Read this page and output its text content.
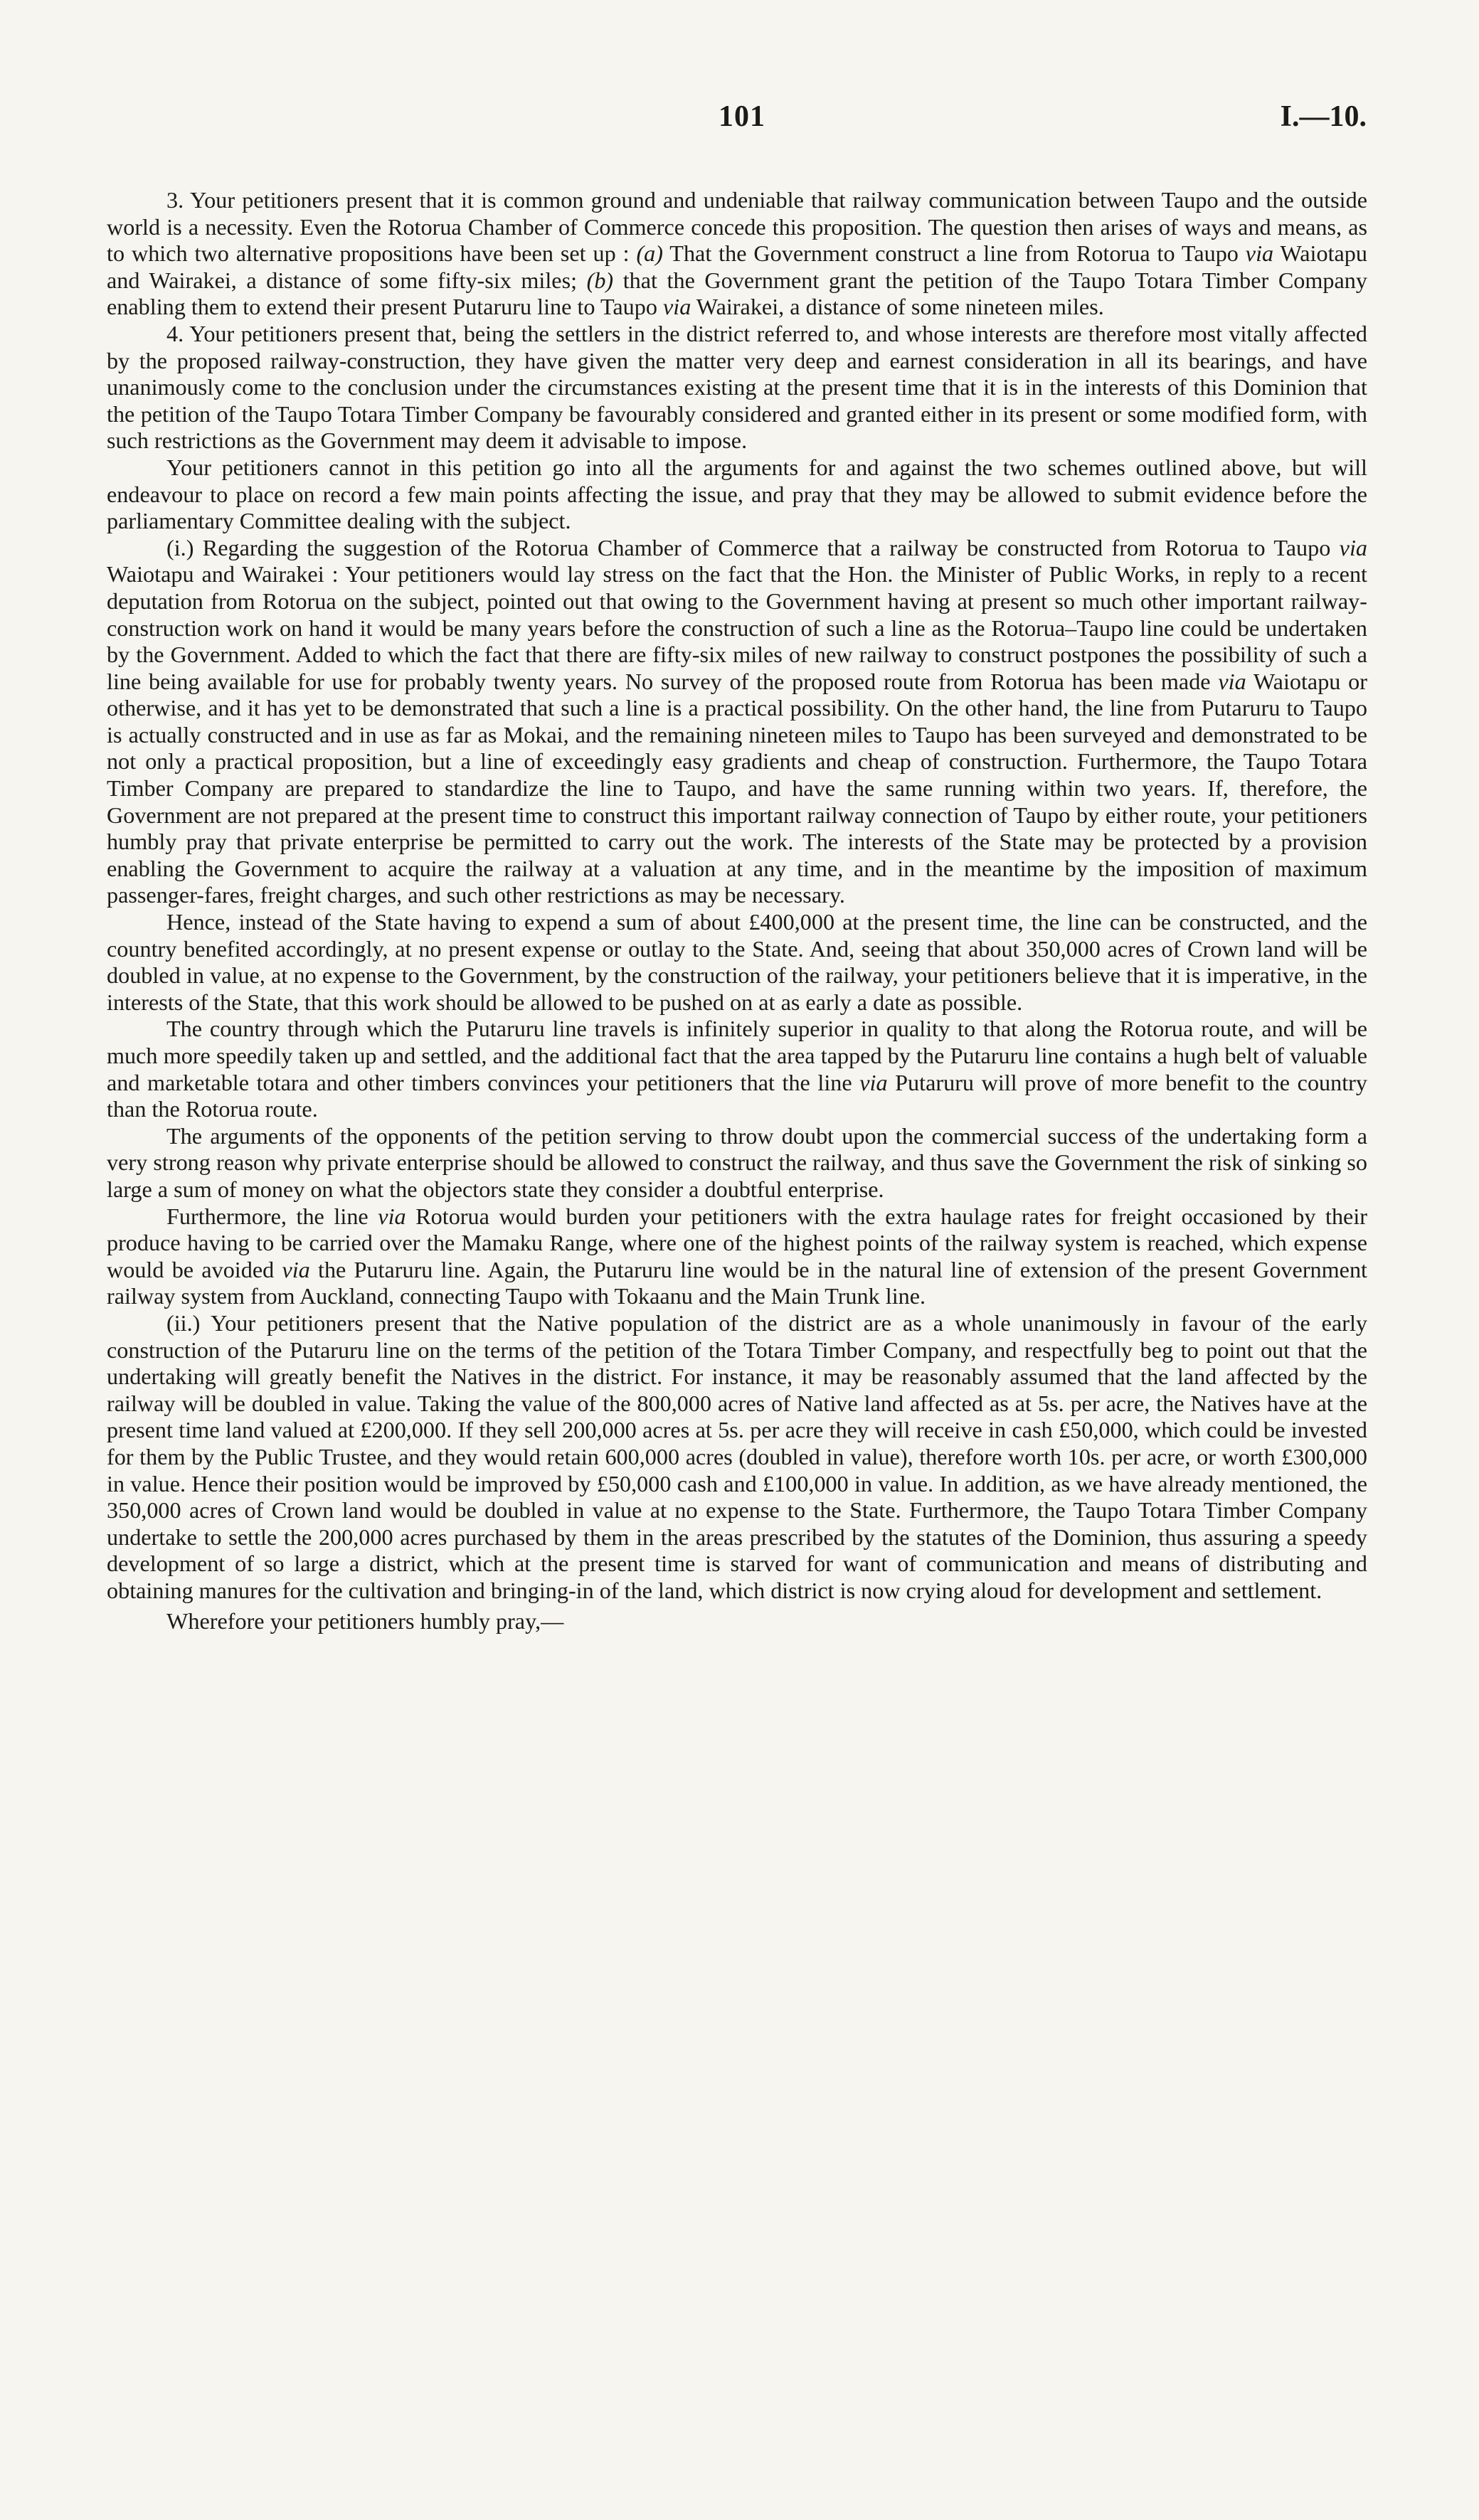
101	I.—10.

3. Your petitioners present that it is common ground and undeniable that railway communication between Taupo and the outside world is a necessity. Even the Rotorua Chamber of Commerce concede this proposition. The question then arises of ways and means, as to which two alternative propositions have been set up : (a) That the Government construct a line from Rotorua to Taupo via Waiotapu and Wairakei, a distance of some fifty-six miles; (b) that the Government grant the petition of the Taupo Totara Timber Company enabling them to extend their present Putaruru line to Taupo via Wairakei, a distance of some nineteen miles.

4. Your petitioners present that, being the settlers in the district referred to, and whose interests are therefore most vitally affected by the proposed railway-construction, they have given the matter very deep and earnest consideration in all its bearings, and have unanimously come to the conclusion under the circumstances existing at the present time that it is in the interests of this Dominion that the petition of the Taupo Totara Timber Company be favourably considered and granted either in its present or some modified form, with such restrictions as the Government may deem it advisable to impose.

Your petitioners cannot in this petition go into all the arguments for and against the two schemes outlined above, but will endeavour to place on record a few main points affecting the issue, and pray that they may be allowed to submit evidence before the parliamentary Committee dealing with the subject.

(i.) Regarding the suggestion of the Rotorua Chamber of Commerce that a railway be constructed from Rotorua to Taupo via Waiotapu and Wairakei : Your petitioners would lay stress on the fact that the Hon. the Minister of Public Works, in reply to a recent deputation from Rotorua on the subject, pointed out that owing to the Government having at present so much other important railway-construction work on hand it would be many years before the construction of such a line as the Rotorua–Taupo line could be undertaken by the Government. Added to which the fact that there are fifty-six miles of new railway to construct postpones the possibility of such a line being available for use for probably twenty years. No survey of the proposed route from Rotorua has been made via Waiotapu or otherwise, and it has yet to be demonstrated that such a line is a practical possibility. On the other hand, the line from Putaruru to Taupo is actually constructed and in use as far as Mokai, and the remaining nineteen miles to Taupo has been surveyed and demonstrated to be not only a practical proposition, but a line of exceedingly easy gradients and cheap of construction. Furthermore, the Taupo Totara Timber Company are prepared to standardize the line to Taupo, and have the same running within two years. If, therefore, the Government are not prepared at the present time to construct this important railway connection of Taupo by either route, your petitioners humbly pray that private enterprise be permitted to carry out the work. The interests of the State may be protected by a provision enabling the Government to acquire the railway at a valuation at any time, and in the meantime by the imposition of maximum passenger-fares, freight charges, and such other restrictions as may be necessary.

Hence, instead of the State having to expend a sum of about £400,000 at the present time, the line can be constructed, and the country benefited accordingly, at no present expense or outlay to the State. And, seeing that about 350,000 acres of Crown land will be doubled in value, at no expense to the Government, by the construction of the railway, your petitioners believe that it is imperative, in the interests of the State, that this work should be allowed to be pushed on at as early a date as possible.

The country through which the Putaruru line travels is infinitely superior in quality to that along the Rotorua route, and will be much more speedily taken up and settled, and the additional fact that the area tapped by the Putaruru line contains a hugh belt of valuable and marketable totara and other timbers convinces your petitioners that the line via Putaruru will prove of more benefit to the country than the Rotorua route.

The arguments of the opponents of the petition serving to throw doubt upon the commercial success of the undertaking form a very strong reason why private enterprise should be allowed to construct the railway, and thus save the Government the risk of sinking so large a sum of money on what the objectors state they consider a doubtful enterprise.

Furthermore, the line via Rotorua would burden your petitioners with the extra haulage rates for freight occasioned by their produce having to be carried over the Mamaku Range, where one of the highest points of the railway system is reached, which expense would be avoided via the Putaruru line. Again, the Putaruru line would be in the natural line of extension of the present Government railway system from Auckland, connecting Taupo with Tokaanu and the Main Trunk line.

(ii.) Your petitioners present that the Native population of the district are as a whole unanimously in favour of the early construction of the Putaruru line on the terms of the petition of the Totara Timber Company, and respectfully beg to point out that the undertaking will greatly benefit the Natives in the district. For instance, it may be reasonably assumed that the land affected by the railway will be doubled in value. Taking the value of the 800,000 acres of Native land affected as at 5s. per acre, the Natives have at the present time land valued at £200,000. If they sell 200,000 acres at 5s. per acre they will receive in cash £50,000, which could be invested for them by the Public Trustee, and they would retain 600,000 acres (doubled in value), therefore worth 10s. per acre, or worth £300,000 in value. Hence their position would be improved by £50,000 cash and £100,000 in value. In addition, as we have already mentioned, the 350,000 acres of Crown land would be doubled in value at no expense to the State. Furthermore, the Taupo Totara Timber Company undertake to settle the 200,000 acres purchased by them in the areas prescribed by the statutes of the Dominion, thus assuring a speedy development of so large a district, which at the present time is starved for want of communication and means of distributing and obtaining manures for the cultivation and bringing-in of the land, which district is now crying aloud for development and settlement.

Wherefore your petitioners humbly pray,—
